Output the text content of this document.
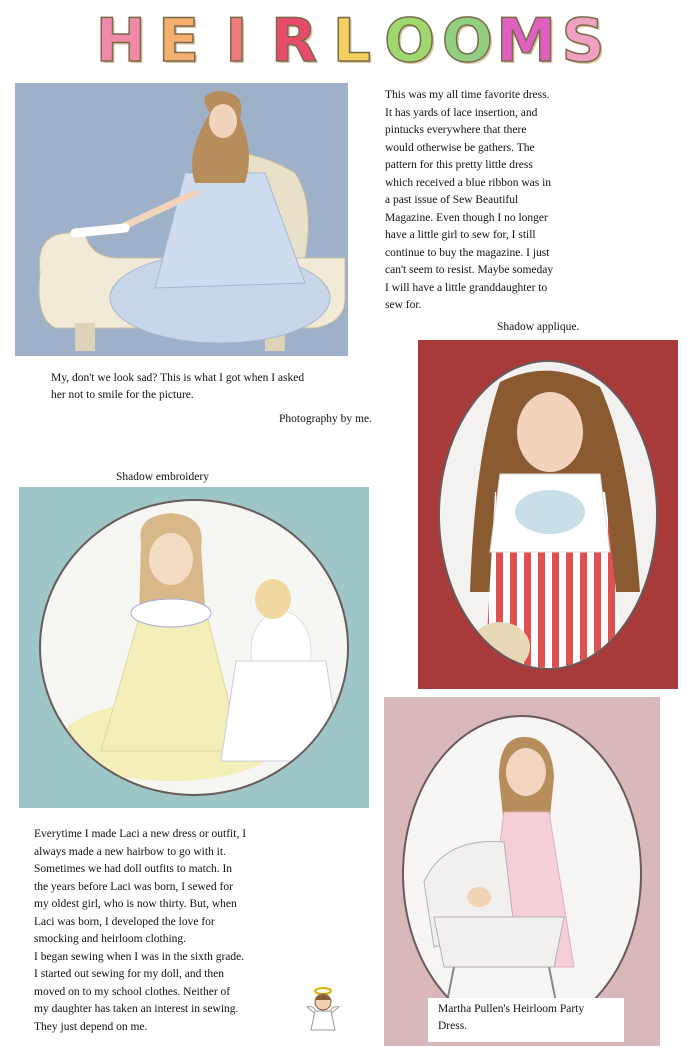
H E I R L O O M S
This was my all time favorite dress.
It has yards of lace insertion, and
pintucks everywhere that there
would otherwise be gathers. The
pattern for this pretty little dress
which received a blue ribbon was in
a past issue of Sew Beautiful
Magazine. Even though I no longer
have a little girl to sew for, I still
continue to buy the magazine. I just
can't seem to resist. Maybe someday
I will have a little granddaughter to
sew for.
My, don't we look sad? This is what I got when I asked
her not to smile for the picture.
Photography by me.
Shadow applique.
Shadow embroidery
Everytime I made Laci a new dress or outfit, I
always made a new hairbow to go with it.
Sometimes we had doll outfits to match. In
the years before Laci was born, I sewed for
my oldest girl, who is now thirty. But, when
Laci was born, I developed the love for
smocking and heirloom clothing.
I began sewing when I was in the sixth grade.
I started out sewing for my doll, and then
moved on to my school clothes. Neither of
my daughter has taken an interest in sewing.
They just depend on me.
Martha Pullen's Heirloom Party
Dress.
